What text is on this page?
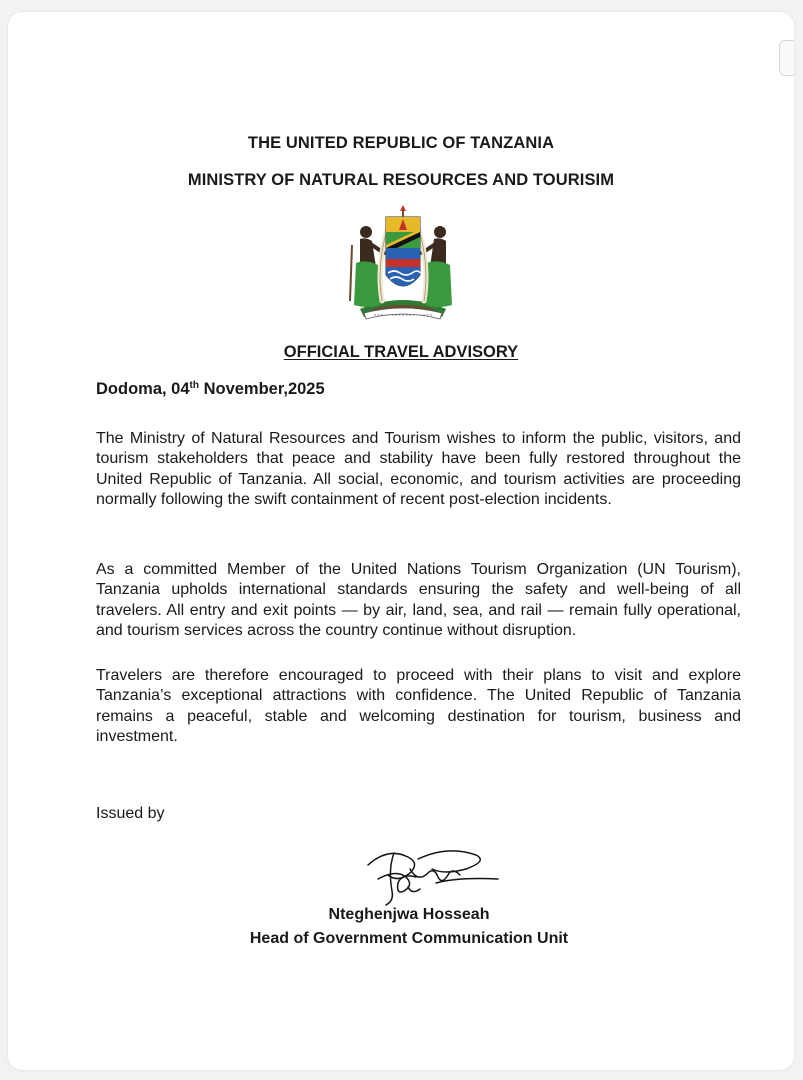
THE UNITED REPUBLIC OF TANZANIA
MINISTRY OF NATURAL RESOURCES AND TOURISIM
OFFICIAL TRAVEL ADVISORY
Dodoma, 04th November,2025

The Ministry of Natural Resources and Tourism wishes to inform the public, visitors, and tourism stakeholders that peace and stability have been fully restored throughout the United Republic of Tanzania. All social, economic, and tourism activities are proceeding normally following the swift containment of recent post-election incidents.

As a committed Member of the United Nations Tourism Organization (UN Tourism), Tanzania upholds international standards ensuring the safety and well-being of all travelers. All entry and exit points — by air, land, sea, and rail — remain fully operational, and tourism services across the country continue without disruption.

Travelers are therefore encouraged to proceed with their plans to visit and explore Tanzania’s exceptional attractions with confidence. The United Republic of Tanzania remains a peaceful, stable and welcoming destination for tourism, business and investment.

Issued by
Nteghenjwa Hosseah
Head of Government Communication Unit
